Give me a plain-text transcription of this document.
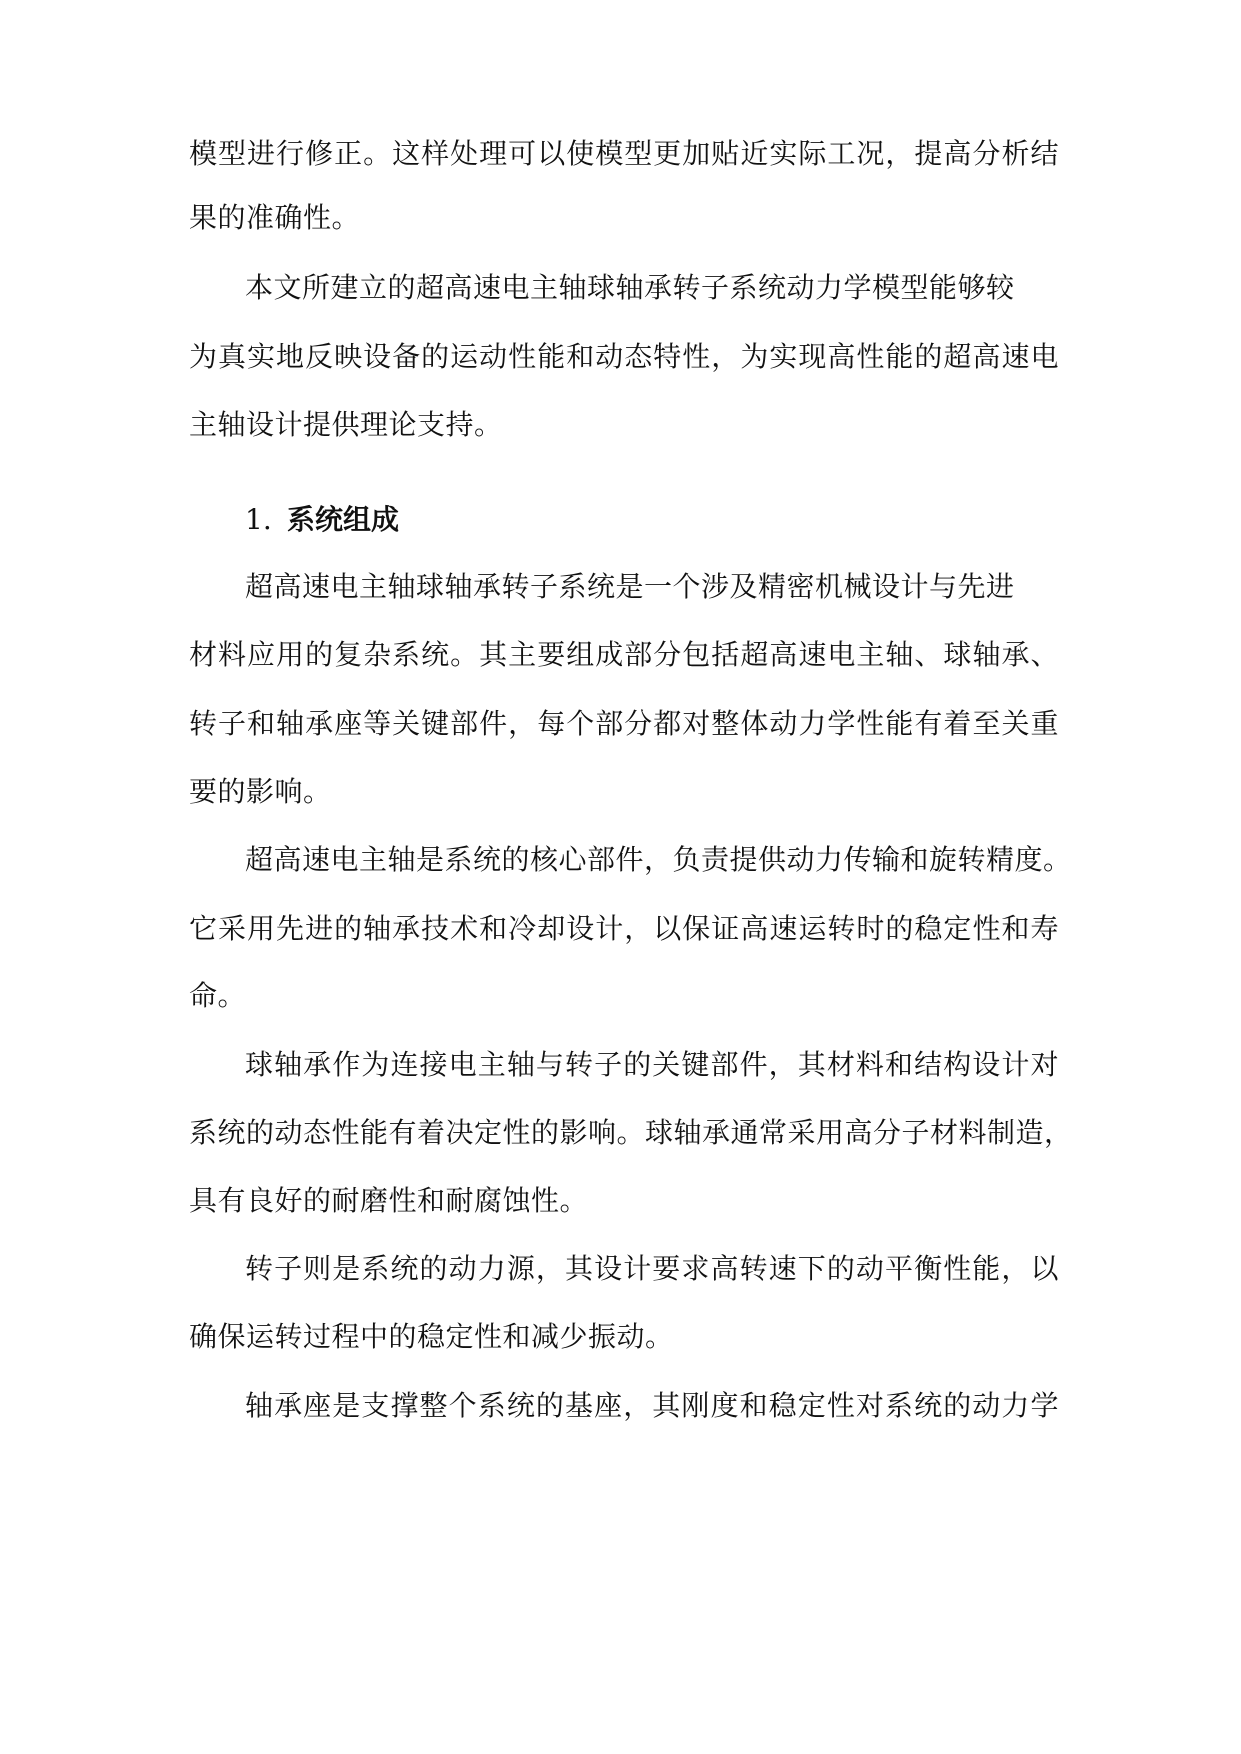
模型进行修正。这样处理可以使模型更加贴近实际工况，提高分析结
果的准确性。
本文所建立的超高速电主轴球轴承转子系统动力学模型能够较
为真实地反映设备的运动性能和动态特性，为实现高性能的超高速电
主轴设计提供理论支持。
1. 系统组成
超高速电主轴球轴承转子系统是一个涉及精密机械设计与先进
材料应用的复杂系统。其主要组成部分包括超高速电主轴、球轴承、
转子和轴承座等关键部件，每个部分都对整体动力学性能有着至关重
要的影响。
超高速电主轴是系统的核心部件，负责提供动力传输和旋转精度。
它采用先进的轴承技术和冷却设计，以保证高速运转时的稳定性和寿
命。
球轴承作为连接电主轴与转子的关键部件，其材料和结构设计对
系统的动态性能有着决定性的影响。球轴承通常采用高分子材料制造，
具有良好的耐磨性和耐腐蚀性。
转子则是系统的动力源，其设计要求高转速下的动平衡性能，以
确保运转过程中的稳定性和减少振动。
轴承座是支撑整个系统的基座，其刚度和稳定性对系统的动力学
